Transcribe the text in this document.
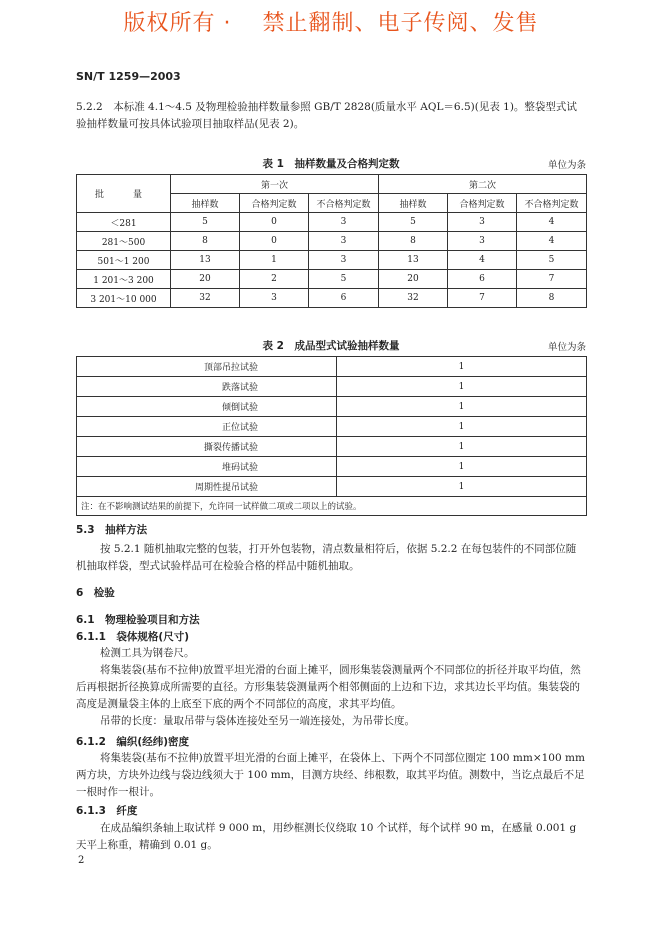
版权所有 · 　禁止翻制、电子传阅、发售
SN/T 1259—2003

5.2.2　本标准 4.1～4.5 及物理检验抽样数量参照 GB/T 2828(质量水平 AQL＝6.5)(见表 1)。整袋型式试验抽样数量可按具体试验项目抽取样品(见表 2)。

表 1　抽样数量及合格判定数	单位为条
批　量	第一次			第二次		
	抽样数	合格判定数	不合格判定数	抽样数	合格判定数	不合格判定数
＜281	5	0	3	5	3	4
281～500	8	0	3	8	3	4
501～1 200	13	1	3	13	4	5
1 201～3 200	20	2	5	20	6	7
3 201～10 000	32	3	6	32	7	8
表 2　成品型式试验抽样数量	单位为条
顶部吊拉试验	1
跌落试验	1
倾倒试验	1
正位试验	1
撕裂传播试验	1
堆码试验	1
周期性提吊试验	1
注：在不影响测试结果的前提下，允许同一试样做二项或二项以上的试验。	
5.3　抽样方法

按 5.2.1 随机抽取完整的包装，打开外包装物，清点数量相符后，依据 5.2.2 在每包装件的不同部位随机抽取样袋，型式试验样品可在检验合格的样品中随机抽取。

6　检验
6.1　物理检验项目和方法
6.1.1　袋体规格(尺寸)

检测工具为钢卷尺。

将集装袋(基布不拉伸)放置平坦光滑的台面上摊平，圆形集装袋测量两个不同部位的折径并取平均值，然后再根据折径换算成所需要的直径。方形集装袋测量两个相邻侧面的上边和下边，求其边长平均值。集装袋的高度是测量袋主体的上底至下底的两个不同部位的高度，求其平均值。

吊带的长度：量取吊带与袋体连接处至另一端连接处，为吊带长度。

6.1.2　编织(经纬)密度

将集装袋(基布不拉伸)放置平坦光滑的台面上摊平，在袋体上、下两个不同部位圈定 100 mm×100 mm 两方块，方块外边线与袋边线须大于 100 mm，目测方块经、纬根数，取其平均值。测数中，当讫点最后不足一根时作一根计。

6.1.3　纤度

在成品编织条轴上取试样 9 000 m，用纱框测长仪绕取 10 个试样，每个试样 90 m，在感量 0.001 g 天平上称重，精确到 0.01 g。

2
